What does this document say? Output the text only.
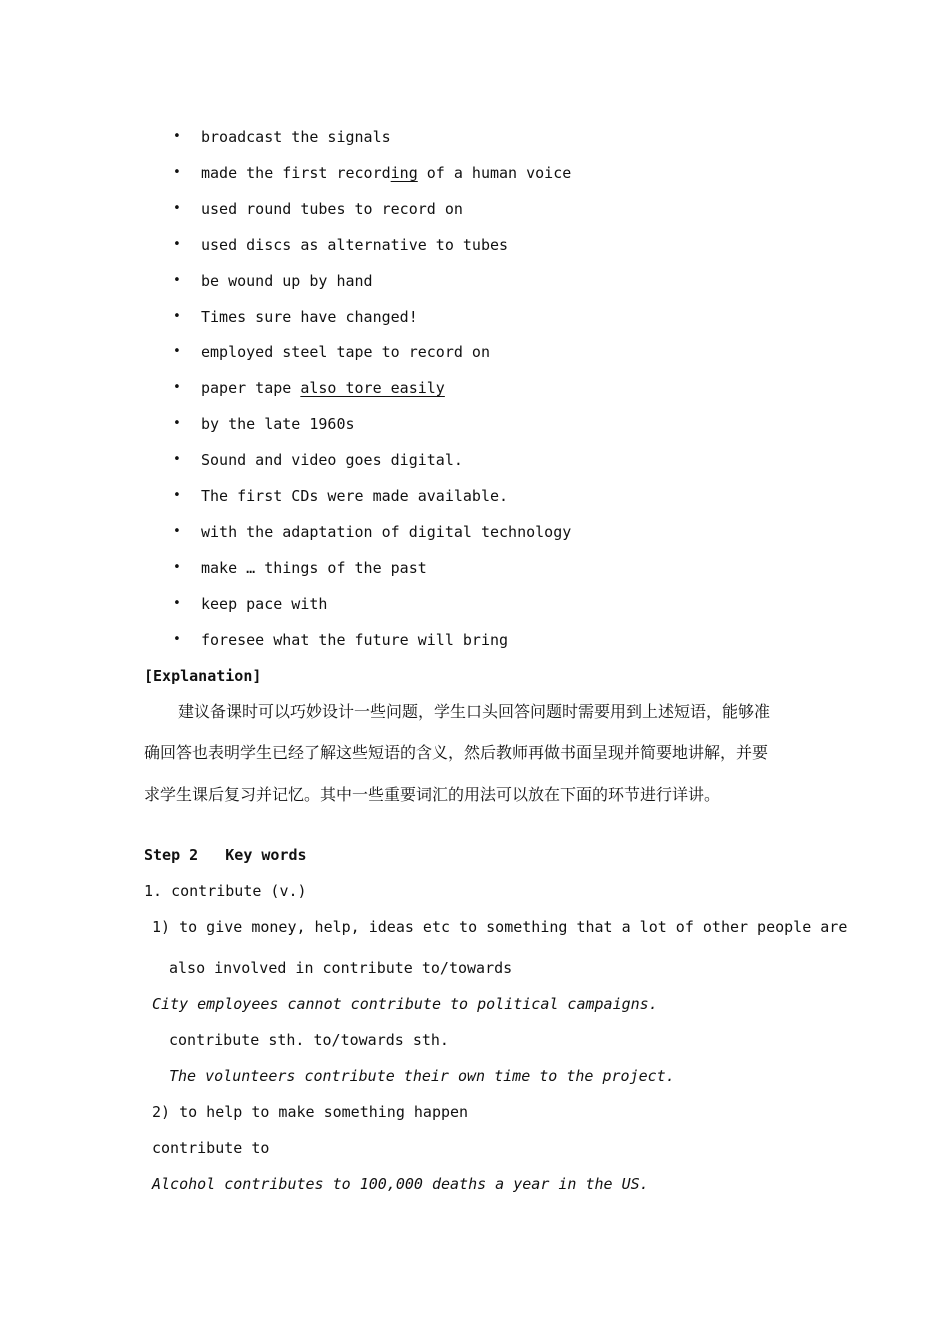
• broadcast the signals
• made the first recording of a human voice
• used round tubes to record on
• used discs as alternative to tubes
• be wound up by hand
• Times sure have changed!
• employed steel tape to record on
• paper tape also tore easily
• by the late 1960s
• Sound and video goes digital.
• The first CDs were made available.
• with the adaptation of digital technology
• make … things of the past
• keep pace with
• foresee what the future will bring
[Explanation]
建议备课时可以巧妙设计一些问题，学生口头回答问题时需要用到上述短语，能够准
确回答也表明学生已经了解这些短语的含义，然后教师再做书面呈现并简要地讲解，并要
求学生课后复习并记忆。其中一些重要词汇的用法可以放在下面的环节进行详讲。
Step 2   Key words
1. contribute (v.)
1) to give money, help, ideas etc to something that a lot of other people are
also involved in contribute to/towards
City employees cannot contribute to political campaigns.
contribute sth. to/towards sth.
The volunteers contribute their own time to the project.
2) to help to make something happen
contribute to
Alcohol contributes to 100,000 deaths a year in the US.
